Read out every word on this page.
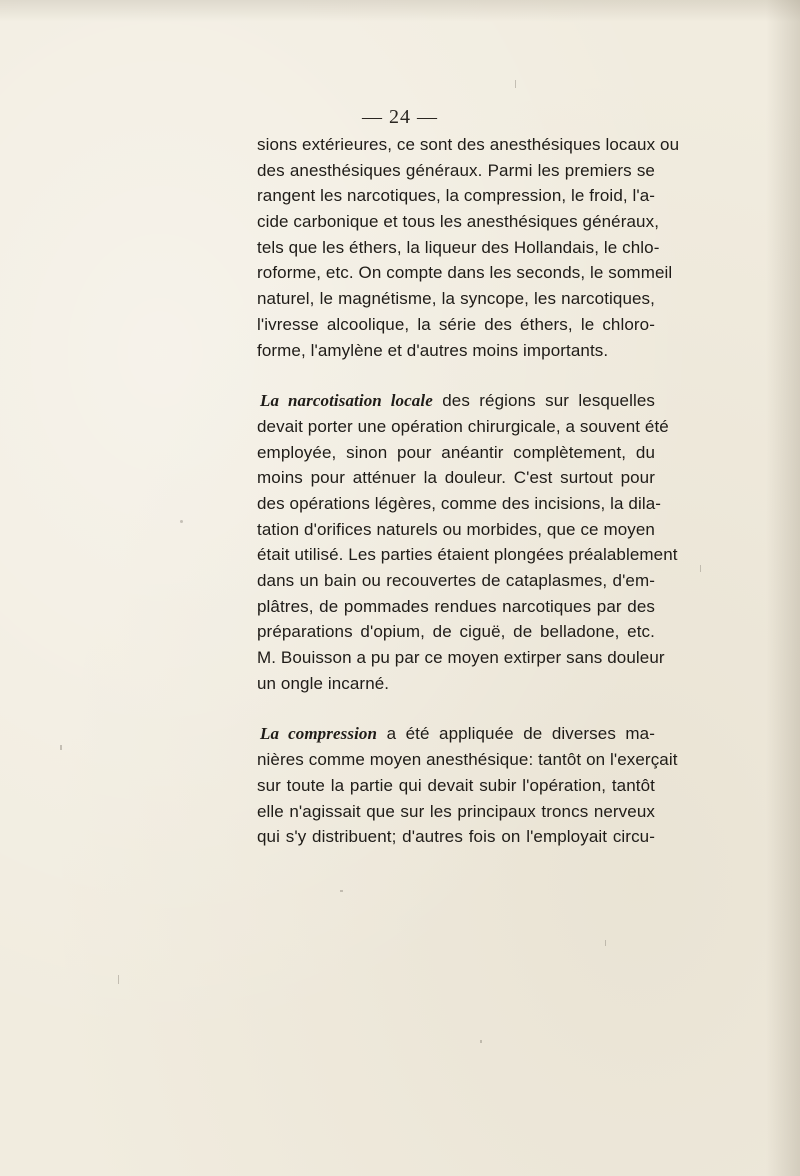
— 24 —
sions extérieures, ce sont des anesthésiques locaux ou
des anesthésiques généraux. Parmi les premiers se
rangent les narcotiques, la compression, le froid, l'a-
cide carbonique et tous les anesthésiques généraux,
tels que les éthers, la liqueur des Hollandais, le chlo-
roforme, etc. On compte dans les seconds, le sommeil
naturel, le magnétisme, la syncope, les narcotiques,
l'ivresse alcoolique, la série des éthers, le chloro-
forme, l'amylène et d'autres moins importants.
La narcotisation locale des régions sur lesquelles
devait porter une opération chirurgicale, a souvent été
employée, sinon pour anéantir complètement, du
moins pour atténuer la douleur. C'est surtout pour
des opérations légères, comme des incisions, la dila-
tation d'orifices naturels ou morbides, que ce moyen
était utilisé. Les parties étaient plongées préalablement
dans un bain ou recouvertes de cataplasmes, d'em-
plâtres, de pommades rendues narcotiques par des
préparations d'opium, de ciguë, de belladone, etc.
M. Bouisson a pu par ce moyen extirper sans douleur
un ongle incarné.
La compression a été appliquée de diverses ma-
nières comme moyen anesthésique: tantôt on l'exerçait
sur toute la partie qui devait subir l'opération, tantôt
elle n'agissait que sur les principaux troncs nerveux
qui s'y distribuent; d'autres fois on l'employait circu-
